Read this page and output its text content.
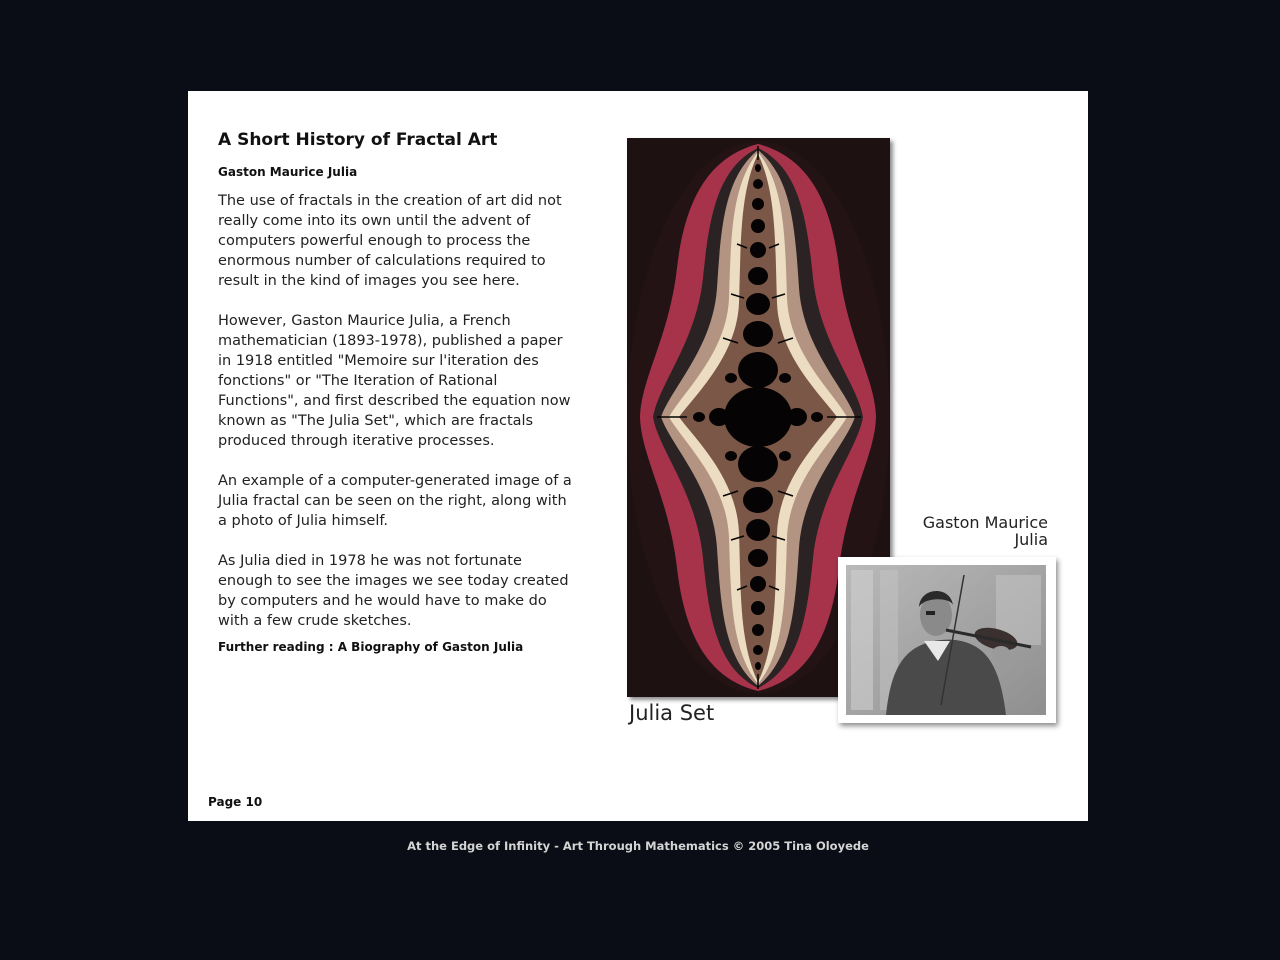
A Short History of Fractal Art
Gaston Maurice Julia

The use of fractals in the creation of art did not really come into its own until the advent of computers powerful enough to process the enormous number of calculations required to result in the kind of images you see here.

However, Gaston Maurice Julia, a French mathematician (1893-1978), published a paper in 1918 entitled "Memoire sur l'iteration des fonctions" or "The Iteration of Rational Functions", and first described the equation now known as "The Julia Set", which are fractals produced through iterative processes.

An example of a computer-generated image of a Julia fractal can be seen on the right, along with a photo of Julia himself.

As Julia died in 1978 he was not fortunate enough to see the images we see today created by computers and he would have to make do with a few crude sketches.

Further reading : A Biography of Gaston Julia
Julia Set
Gaston Maurice
Julia
Page 10
At the Edge of Infinity - Art Through Mathematics © 2005 Tina Oloyede
